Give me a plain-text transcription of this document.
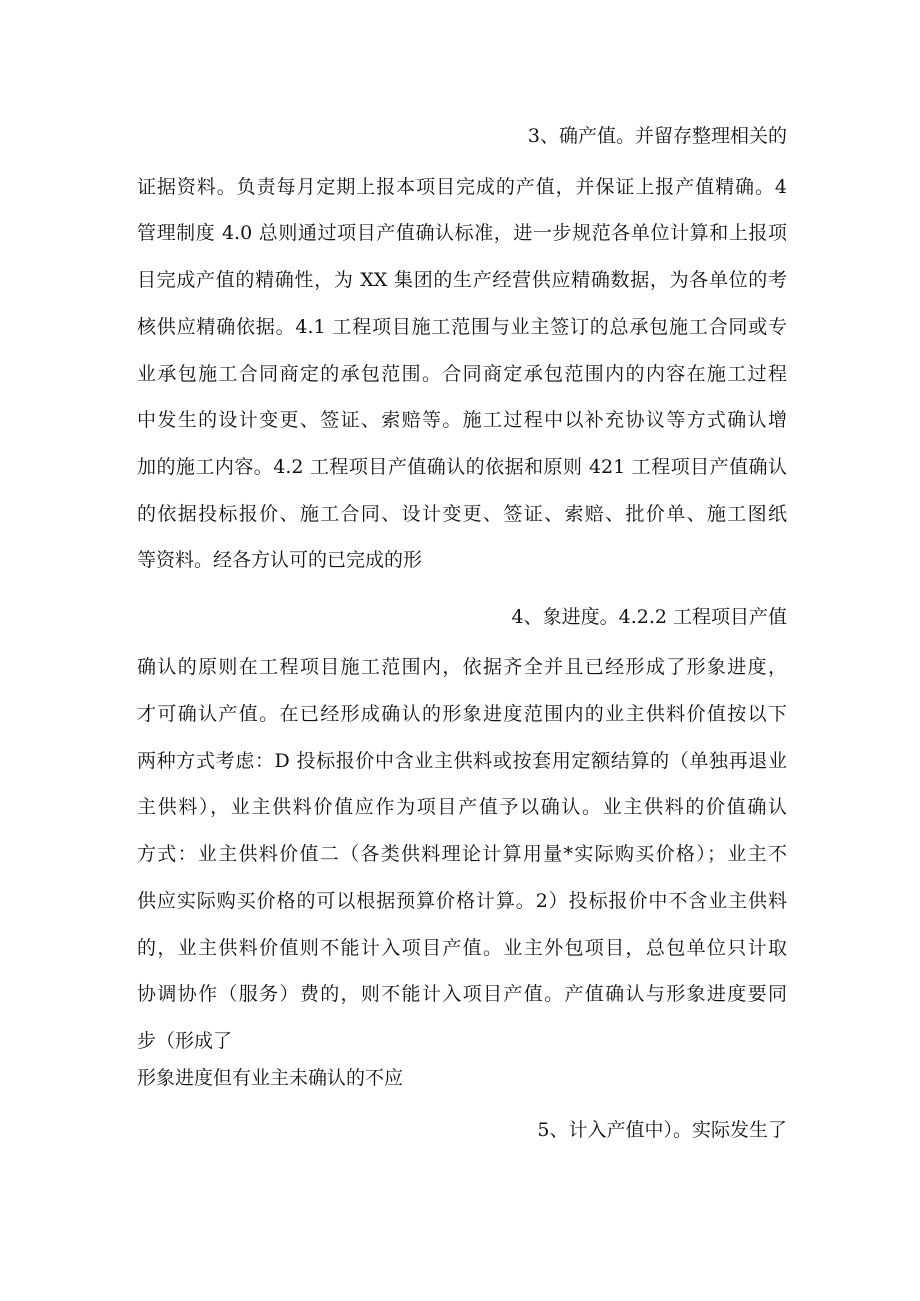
3、确产值。并留存整理相关的
证据资料。负责每月定期上报本项目完成的产值，并保证上报产值精确。4
管理制度 4.0 总则通过项目产值确认标准，进一步规范各单位计算和上报项
目完成产值的精确性，为 XX 集团的生产经营供应精确数据，为各单位的考
核供应精确依据。4.1 工程项目施工范围与业主签订的总承包施工合同或专
业承包施工合同商定的承包范围。合同商定承包范围内的内容在施工过程
中发生的设计变更、签证、索赔等。施工过程中以补充协议等方式确认增
加的施工内容。4.2 工程项目产值确认的依据和原则 421 工程项目产值确认
的依据投标报价、施工合同、设计变更、签证、索赔、批价单、施工图纸
等资料。经各方认可的已完成的形
4、象进度。4.2.2 工程项目产值
确认的原则在工程项目施工范围内，依据齐全并且已经形成了形象进度，
才可确认产值。在已经形成确认的形象进度范围内的业主供料价值按以下
两种方式考虑：D 投标报价中含业主供料或按套用定额结算的（单独再退业
主供料），业主供料价值应作为项目产值予以确认。业主供料的价值确认
方式：业主供料价值二（各类供料理论计算用量*实际购买价格）；业主不
供应实际购买价格的可以根据预算价格计算。2）投标报价中不含业主供料
的，业主供料价值则不能计入项目产值。业主外包项目，总包单位只计取
协调协作（服务）费的，则不能计入项目产值。产值确认与形象进度要同
步（形成了
形象进度但有业主未确认的不应
5、计入产值中）。实际发生了
